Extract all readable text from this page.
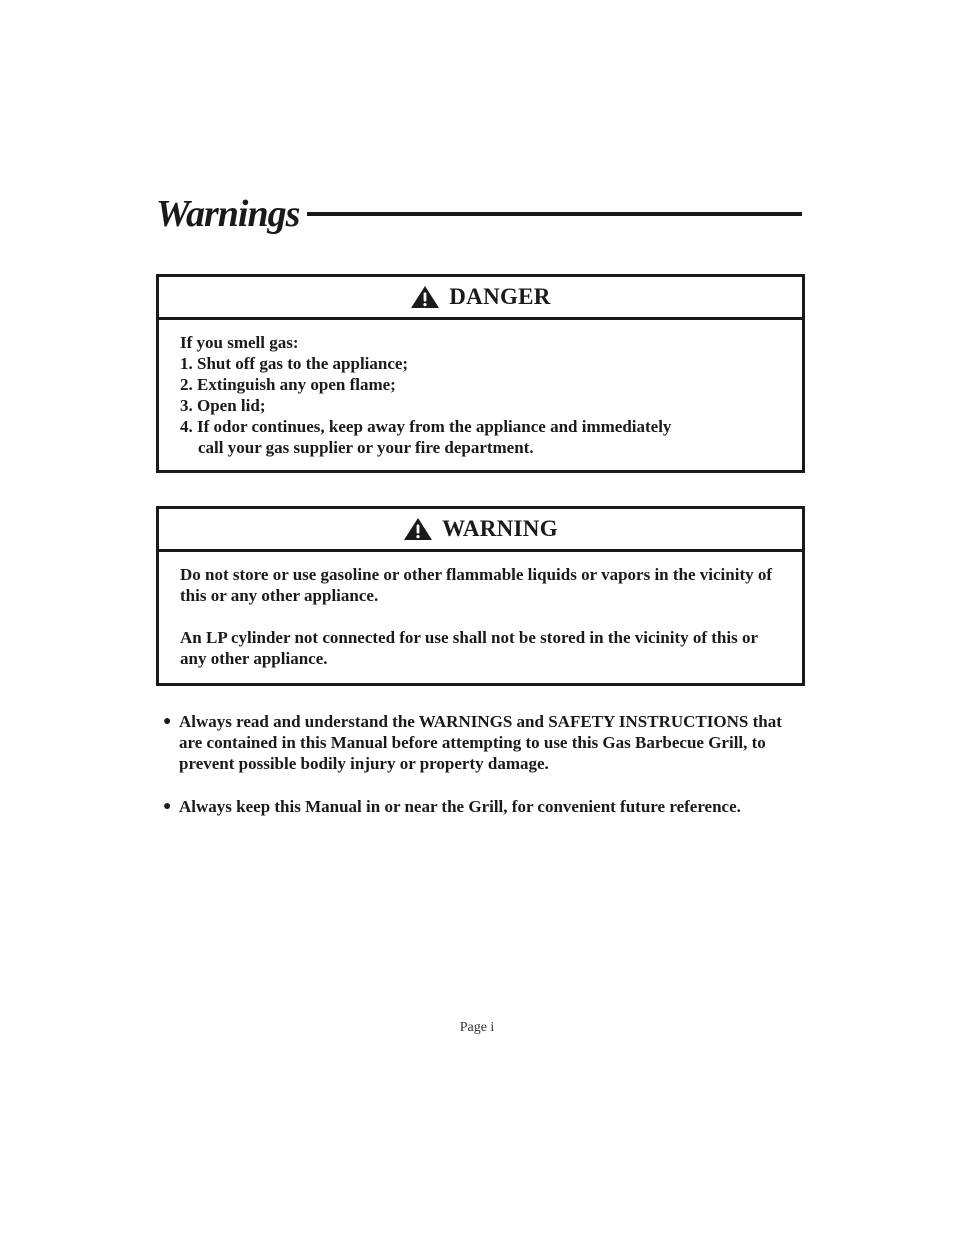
Warnings
DANGER
If you smell gas:
1. Shut off gas to the appliance;
2. Extinguish any open flame;
3. Open lid;
4. If odor continues, keep away from the appliance and immediately
call your gas supplier or your fire department.
WARNING
Do not store or use gasoline or other flammable liquids or vapors in the vicinity of this or any other appliance.
An LP cylinder not connected for use shall not be stored in the vicinity of this or any other appliance.
● Always read and understand the WARNINGS and SAFETY INSTRUCTIONS that are contained in this Manual before attempting to use this Gas Barbecue Grill, to prevent possible bodily injury or property damage.
● Always keep this Manual in or near the Grill, for convenient future reference.
Page i
